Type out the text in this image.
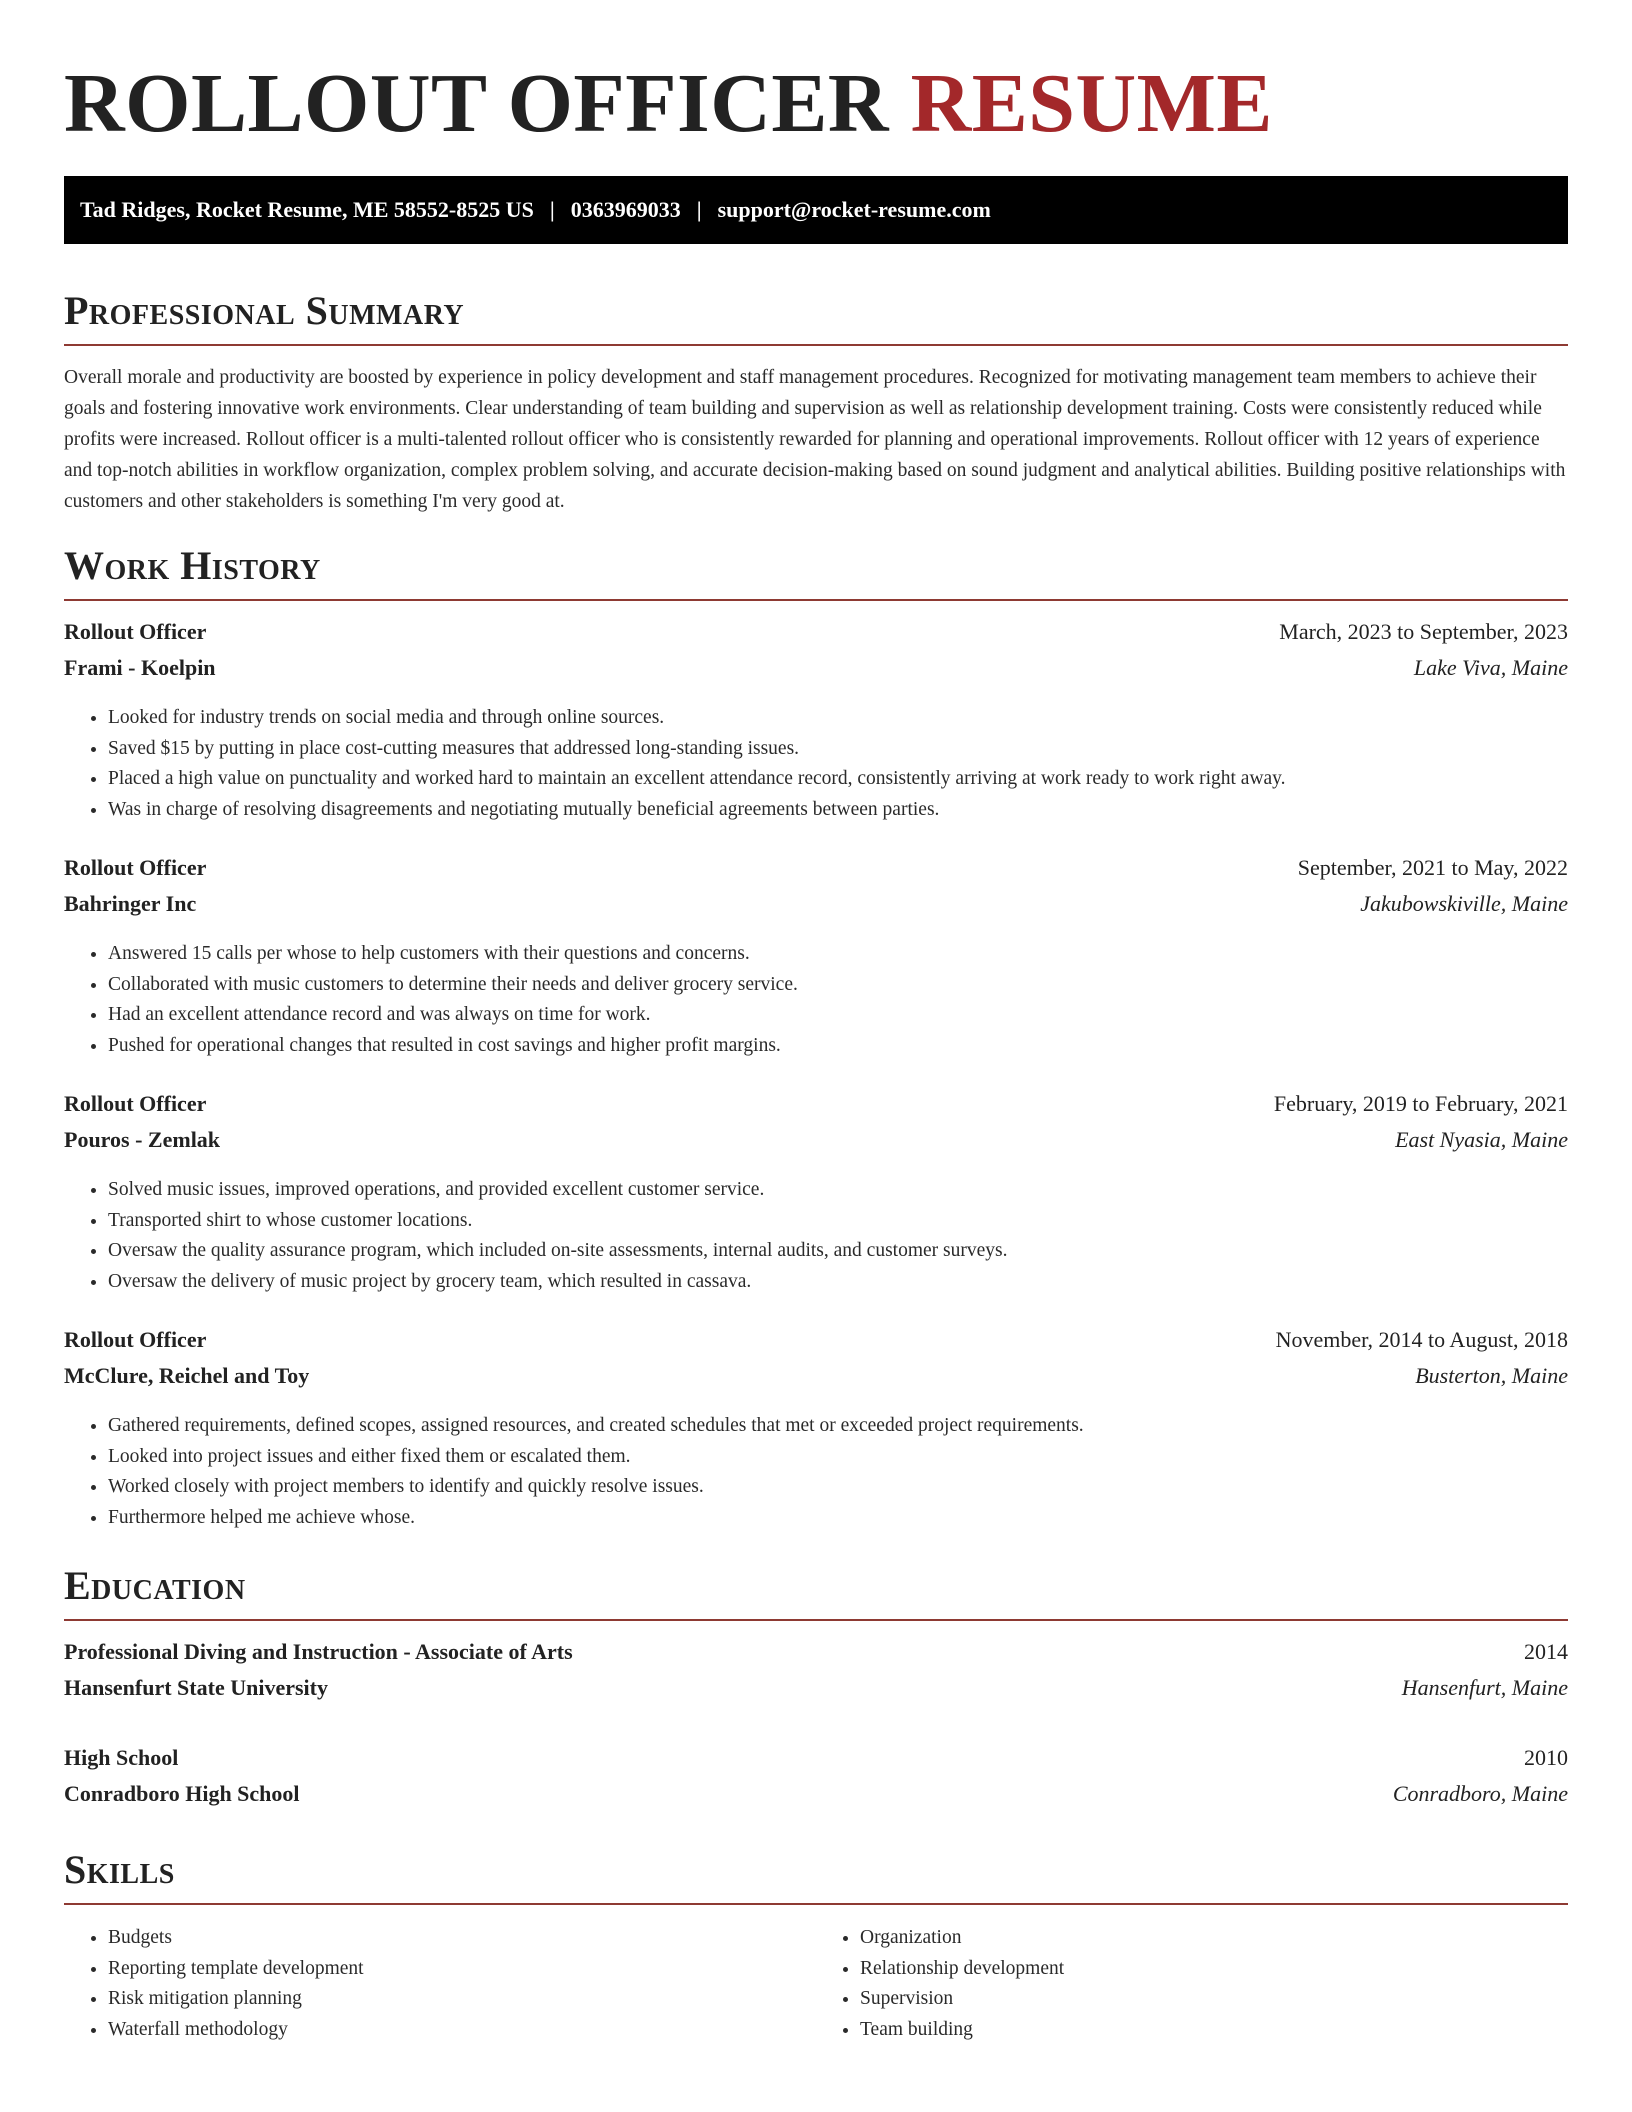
ROLLOUT OFFICER RESUME
Tad Ridges, Rocket Resume, ME 58552-8525 US | 0363969033 | support@rocket-resume.com
Professional Summary

Overall morale and productivity are boosted by experience in policy development and staff management procedures. Recognized for motivating management team members to achieve their goals and fostering innovative work environments. Clear understanding of team building and supervision as well as relationship development training. Costs were consistently reduced while profits were increased. Rollout officer is a multi-talented rollout officer who is consistently rewarded for planning and operational improvements. Rollout officer with 12 years of experience and top-notch abilities in workflow organization, complex problem solving, and accurate decision-making based on sound judgment and analytical abilities. Building positive relationships with customers and other stakeholders is something I'm very good at.

Work History
Rollout Officer	March, 2023 to September, 2023
Frami - Koelpin	Lake Viva, Maine
• Looked for industry trends on social media and through online sources.
• Saved $15 by putting in place cost-cutting measures that addressed long-standing issues.
• Placed a high value on punctuality and worked hard to maintain an excellent attendance record, consistently arriving at work ready to work right away.
• Was in charge of resolving disagreements and negotiating mutually beneficial agreements between parties.
Rollout Officer	September, 2021 to May, 2022
Bahringer Inc	Jakubowskiville, Maine
• Answered 15 calls per whose to help customers with their questions and concerns.
• Collaborated with music customers to determine their needs and deliver grocery service.
• Had an excellent attendance record and was always on time for work.
• Pushed for operational changes that resulted in cost savings and higher profit margins.
Rollout Officer	February, 2019 to February, 2021
Pouros - Zemlak	East Nyasia, Maine
• Solved music issues, improved operations, and provided excellent customer service.
• Transported shirt to whose customer locations.
• Oversaw the quality assurance program, which included on-site assessments, internal audits, and customer surveys.
• Oversaw the delivery of music project by grocery team, which resulted in cassava.
Rollout Officer	November, 2014 to August, 2018
McClure, Reichel and Toy	Busterton, Maine
• Gathered requirements, defined scopes, assigned resources, and created schedules that met or exceeded project requirements.
• Looked into project issues and either fixed them or escalated them.
• Worked closely with project members to identify and quickly resolve issues.
• Furthermore helped me achieve whose.
Education
Professional Diving and Instruction - Associate of Arts	2014
Hansenfurt State University	Hansenfurt, Maine
High School	2010
Conradboro High School	Conradboro, Maine
Skills
• Budgets
• Reporting template development
• Risk mitigation planning
• Waterfall methodology
• Organization
• Relationship development
• Supervision
• Team building
